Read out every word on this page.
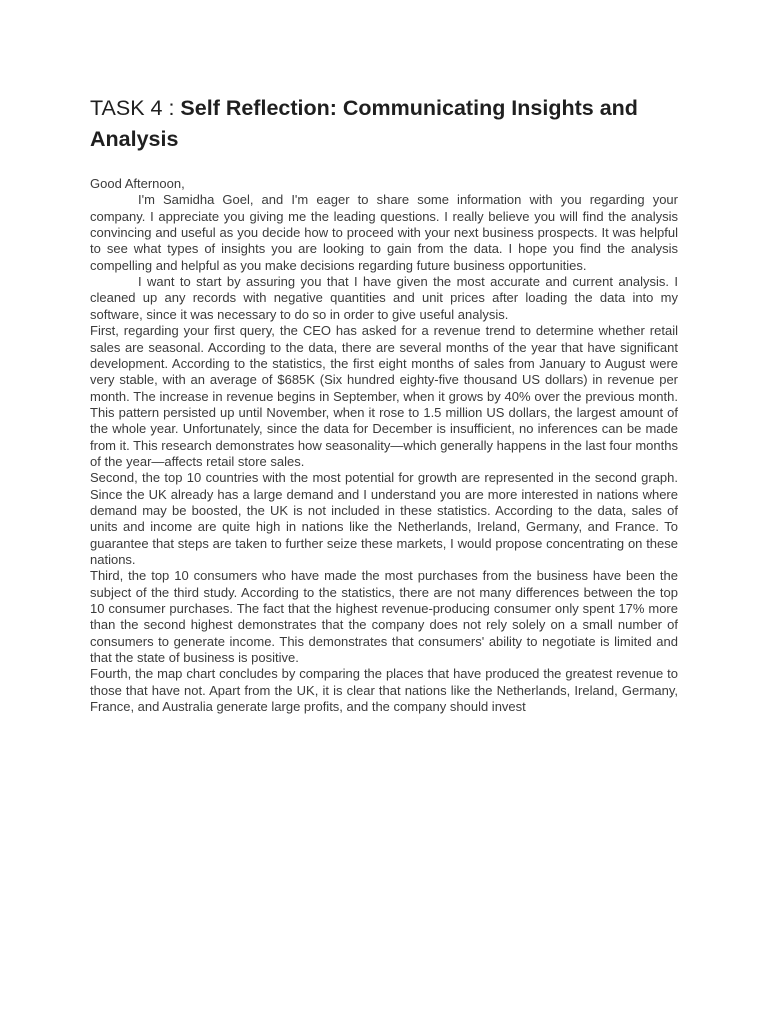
TASK 4 : Self Reflection: Communicating Insights and Analysis
Good Afternoon,

I'm Samidha Goel, and I'm eager to share some information with you regarding your company. I appreciate you giving me the leading questions. I really believe you will find the analysis convincing and useful as you decide how to proceed with your next business prospects. It was helpful to see what types of insights you are looking to gain from the data. I hope you find the analysis compelling and helpful as you make decisions regarding future business opportunities.

I want to start by assuring you that I have given the most accurate and current analysis. I cleaned up any records with negative quantities and unit prices after loading the data into my software, since it was necessary to do so in order to give useful analysis.

First, regarding your first query, the CEO has asked for a revenue trend to determine whether retail sales are seasonal. According to the data, there are several months of the year that have significant development. According to the statistics, the first eight months of sales from January to August were very stable, with an average of $685K (Six hundred eighty-five thousand US dollars) in revenue per month. The increase in revenue begins in September, when it grows by 40% over the previous month. This pattern persisted up until November, when it rose to 1.5 million US dollars, the largest amount of the whole year. Unfortunately, since the data for December is insufficient, no inferences can be made from it. This research demonstrates how seasonality—which generally happens in the last four months of the year—affects retail store sales.

Second, the top 10 countries with the most potential for growth are represented in the second graph. Since the UK already has a large demand and I understand you are more interested in nations where demand may be boosted, the UK is not included in these statistics. According to the data, sales of units and income are quite high in nations like the Netherlands, Ireland, Germany, and France. To guarantee that steps are taken to further seize these markets, I would propose concentrating on these nations.

Third, the top 10 consumers who have made the most purchases from the business have been the subject of the third study. According to the statistics, there are not many differences between the top 10 consumer purchases. The fact that the highest revenue-producing consumer only spent 17% more than the second highest demonstrates that the company does not rely solely on a small number of consumers to generate income. This demonstrates that consumers' ability to negotiate is limited and that the state of business is positive.

Fourth, the map chart concludes by comparing the places that have produced the greatest revenue to those that have not. Apart from the UK, it is clear that nations like the Netherlands, Ireland, Germany, France, and Australia generate large profits, and the company should invest
